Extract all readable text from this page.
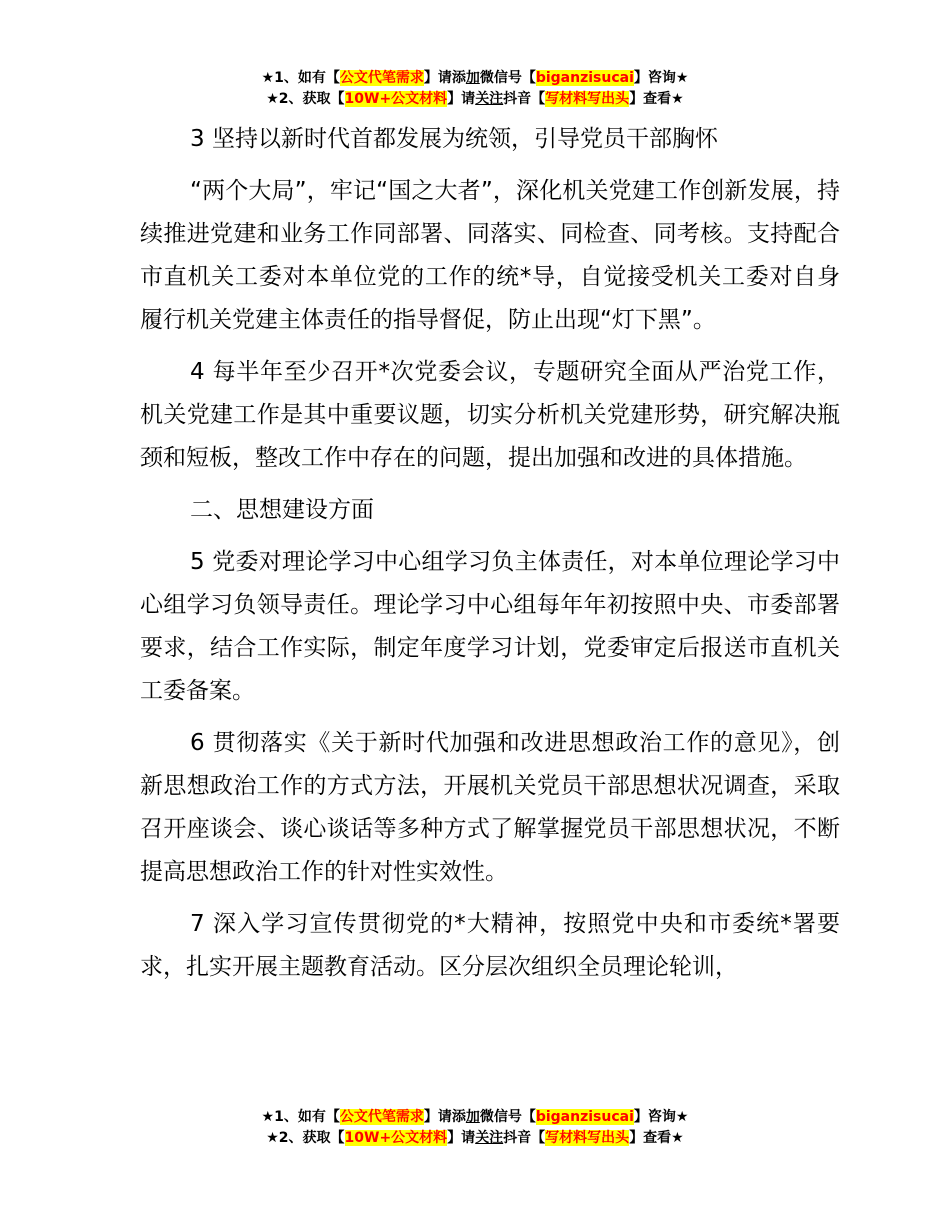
★1、如有【公文代笔需求】请添加微信号【biganzisucai】咨询★
★2、获取【10W+公文材料】请关注抖音【写材料写出头】查看★

3 坚持以新时代首都发展为统领，引导党员干部胸怀

“两个大局”，牢记“国之大者”，深化机关党建工作创新发展，持续推进党建和业务工作同部署、同落实、同检查、同考核。支持配合市直机关工委对本单位党的工作的统*导，自觉接受机关工委对自身履行机关党建主体责任的指导督促，防止出现“灯下黑”。

4 每半年至少召开*次党委会议，专题研究全面从严治党工作，机关党建工作是其中重要议题，切实分析机关党建形势，研究解决瓶颈和短板，整改工作中存在的问题，提出加强和改进的具体措施。

二、思想建设方面

5 党委对理论学习中心组学习负主体责任，对本单位理论学习中心组学习负领导责任。理论学习中心组每年年初按照中央、市委部署要求，结合工作实际，制定年度学习计划，党委审定后报送市直机关工委备案。

6 贯彻落实《关于新时代加强和改进思想政治工作的意见》，创新思想政治工作的方式方法，开展机关党员干部思想状况调查，采取召开座谈会、谈心谈话等多种方式了解掌握党员干部思想状况，不断提高思想政治工作的针对性实效性。

7 深入学习宣传贯彻党的*大精神，按照党中央和市委统*署要求，扎实开展主题教育活动。区分层次组织全员理论轮训，

★1、如有【公文代笔需求】请添加微信号【biganzisucai】咨询★
★2、获取【10W+公文材料】请关注抖音【写材料写出头】查看★
